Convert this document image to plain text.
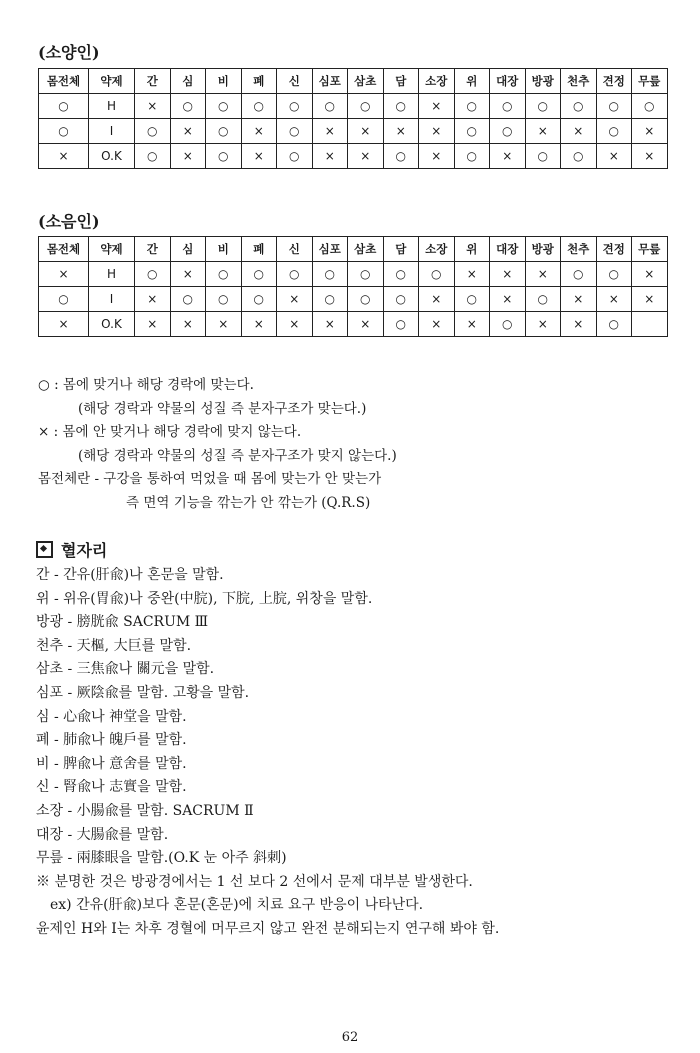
(소양인)
몸전체	약제	간	심	비	폐	신	심포	삼초	담	소장	위	대장	방광	천추	견정	무릎
○	H	×	○	○	○	○	○	○	○	×	○	○	○	○	○	○
○	I	○	×	○	×	○	×	×	×	×	○	○	×	×	○	×
×	O.K	○	×	○	×	○	×	×	○	×	○	×	○	○	×	×
(소음인)
몸전체	약제	간	심	비	폐	신	심포	삼초	담	소장	위	대장	방광	천추	견정	무릎
×	H	○	×	○	○	○	○	○	○	○	×	×	×	○	○	×
○	I	×	○	○	○	×	○	○	○	×	○	×	○	×	×	×
×	O.K	×	×	×	×	×	×	×	○	×	×	○	×	×	○	
○ : 몸에 맞거나 해당 경락에 맞는다.
(해당 경락과 약물의 성질 즉 분자구조가 맞는다.)
× : 몸에 안 맞거나 해당 경락에 맞지 않는다.
(해당 경락과 약물의 성질 즉 분자구조가 맞지 않는다.)
몸전체란 - 구강을 통하여 먹었을 때 몸에 맞는가 안 맞는가
즉 면역 기능을 깎는가 안 깎는가 (Q.R.S)
혈자리
간 - 간유(肝兪)나 혼문을 말함.
위 - 위유(胃兪)나 중완(中脘), 下脘, 上脘, 위창을 말함.
방광 - 膀胱兪 SACRUM Ⅲ
천추 - 天樞, 大巨를 말함.
삼초 - 三焦兪나 關元을 말함.
심포 - 厥陰兪를 말함. 고황을 말함.
심 - 心兪나 神堂을 말함.
폐 - 肺兪나 魄戶를 말함.
비 - 脾兪나 意舍를 말함.
신 - 腎兪나 志實을 말함.
소장 - 小腸兪를 말함. SACRUM Ⅱ
대장 - 大腸兪를 말함.
무릎 - 兩膝眼을 말함.(O.K 눈 아주 斜刺)
※ 분명한 것은 방광경에서는 1 선 보다 2 선에서 문제 대부분 발생한다.
ex) 간유(肝兪)보다 혼문(혼문)에 치료 요구 반응이 나타난다.
윤제인 H와 I는 차후 경혈에 머무르지 않고 완전 분해되는지 연구해 봐야 함.
62
